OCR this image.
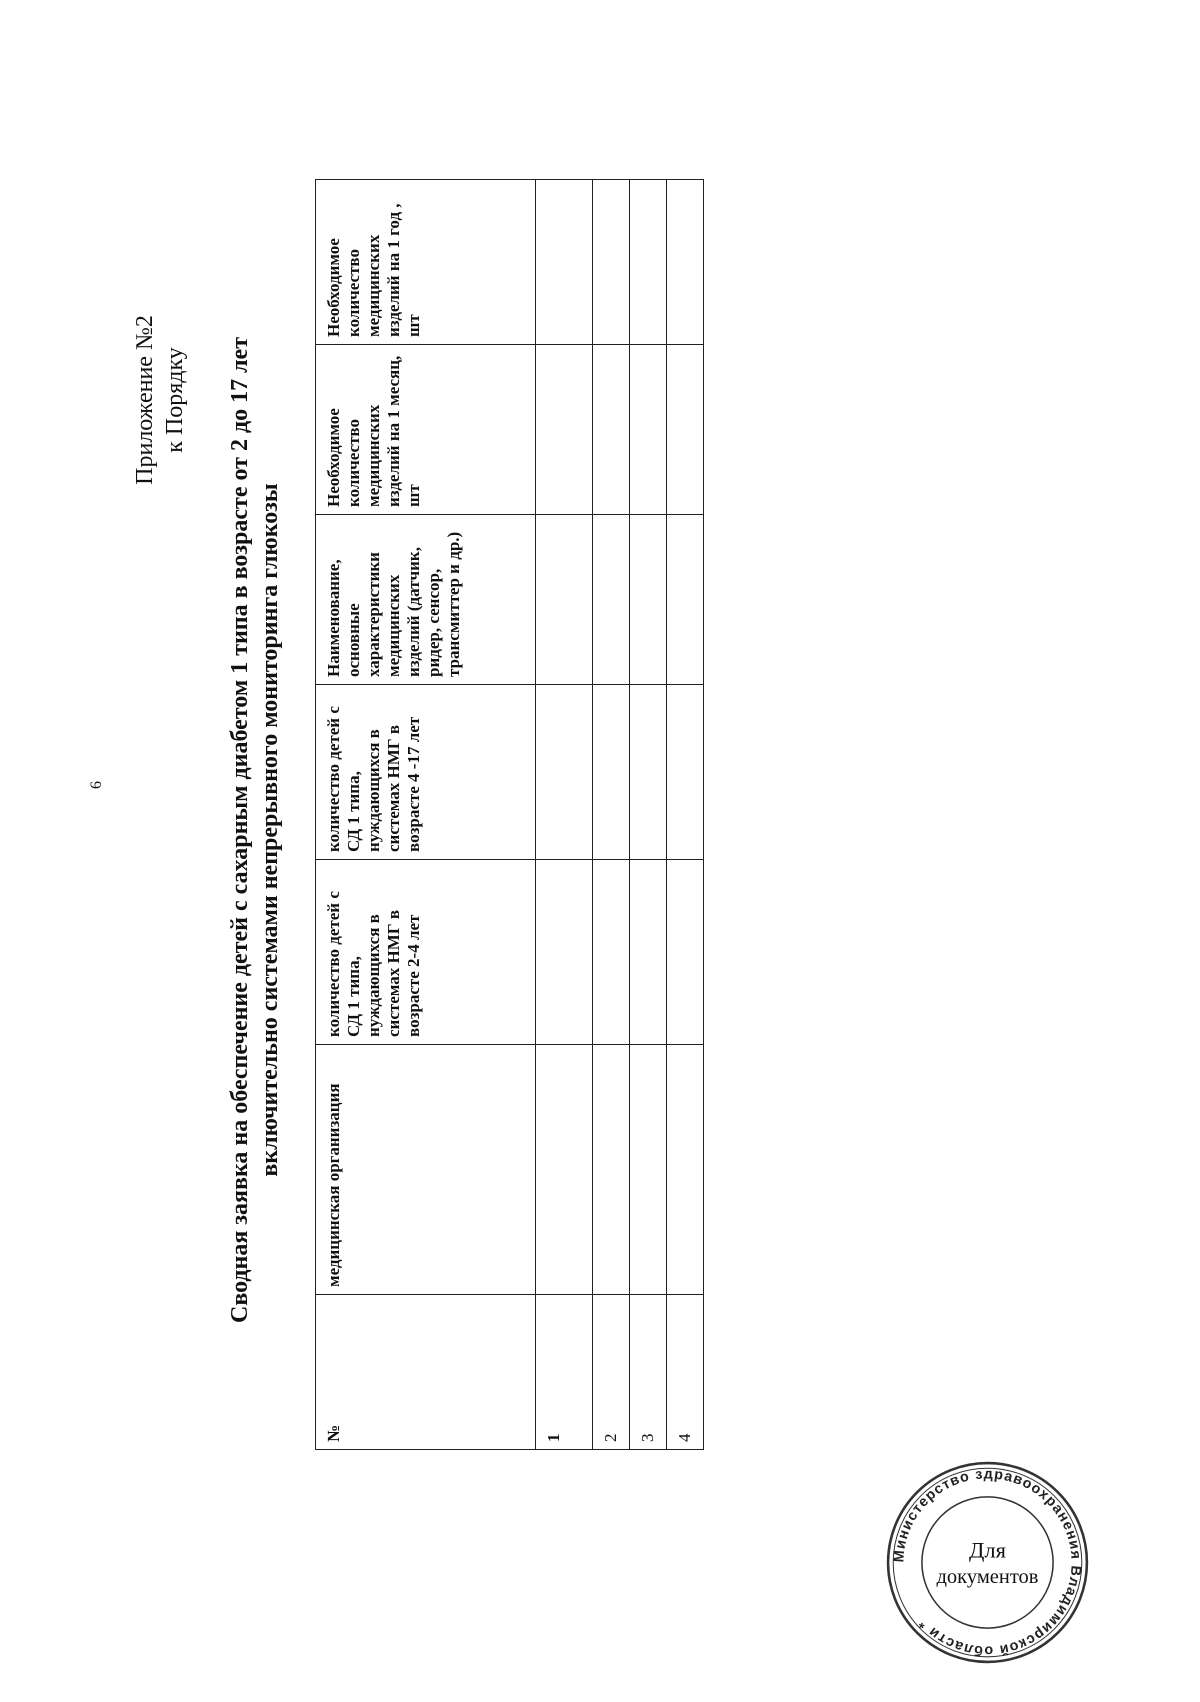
6
Приложение №2 к Порядку Сводная заявка на обеспечение детей с сахарным диабетом 1 типа в возрасте от 2 до 17 лет включительно системами непрерывного мониторинга глюкозы
№	медицинская организация	количество детей с СД 1 типа, нуждающихся в системах НМГ в возрасте 2-4 лет	количество детей с СД 1 типа, нуждающихся в системах НМГ в возрасте 4 -17 лет	Наименование, основные характеристики медицинских изделий (датчик, ридер, сенсор, трансмиттер и др.)	Необходимое количество медицинских изделий на 1 месяц, шт	Необходимое количество медицинских изделий на 1 год , шт
1						
2						
3						
4						
Министерство здравоохранения Владимирской области *
Для
документов
